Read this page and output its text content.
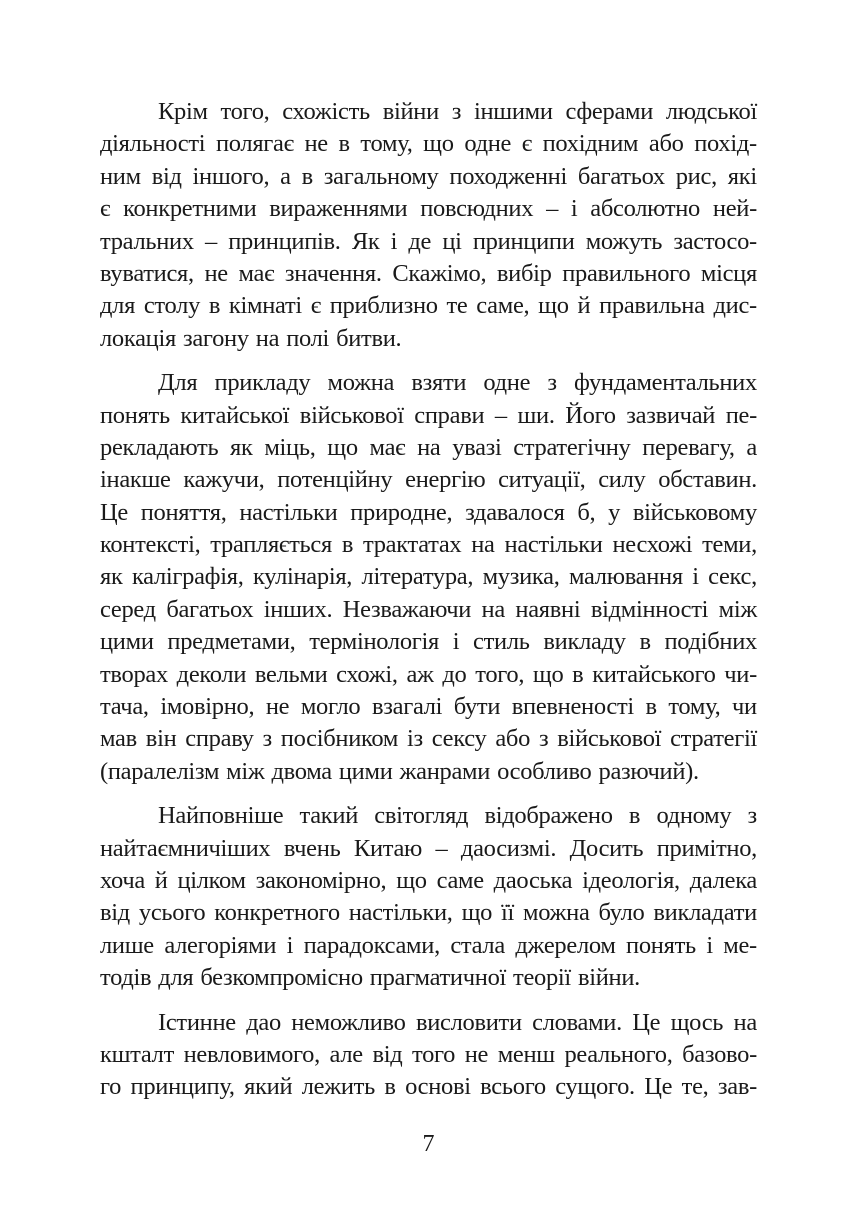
Крім того, схожість війни з іншими сферами людської
діяльності полягає не в тому, що одне є похідним або похід-
ним від іншого, а в загальному походженні багатьох рис, які
є конкретними вираженнями повсюдних – і абсолютно ней-
тральних – принципів. Як і де ці принципи можуть застосо-
вуватися, не має значення. Скажімо, вибір правильного місця
для столу в кімнаті є приблизно те саме, що й правильна дис-
локація загону на полі битви.
Для прикладу можна взяти одне з фундаментальних
понять китайської військової справи – ши. Його зазвичай пе-
рекладають як міць, що має на увазі стратегічну перевагу, а
інакше кажучи, потенційну енергію ситуації, силу обставин.
Це поняття, настільки природне, здавалося б, у військовому
контексті, трапляється в трактатах на настільки несхожі теми,
як каліграфія, кулінарія, література, музика, малювання і секс,
серед багатьох інших. Незважаючи на наявні відмінності між
цими предметами, термінологія і стиль викладу в подібних
творах деколи вельми схожі, аж до того, що в китайського чи-
тача, імовірно, не могло взагалі бути впевненості в тому, чи
мав він справу з посібником із сексу або з військової стратегії
(паралелізм між двома цими жанрами особливо разючий).
Найповніше такий світогляд відображено в одному з
найтаємничіших вчень Китаю – даосизмі. Досить примітно,
хоча й цілком закономірно, що саме даоська ідеологія, далека
від усього конкретного настільки, що її можна було викладати
лише алегоріями і парадоксами, стала джерелом понять і ме-
тодів для безкомпромісно прагматичної теорії війни.
Істинне дао неможливо висловити словами. Це щось на
кшталт невловимого, але від того не менш реального, базово-
го принципу, який лежить в основі всього сущого. Це те, зав-
7
